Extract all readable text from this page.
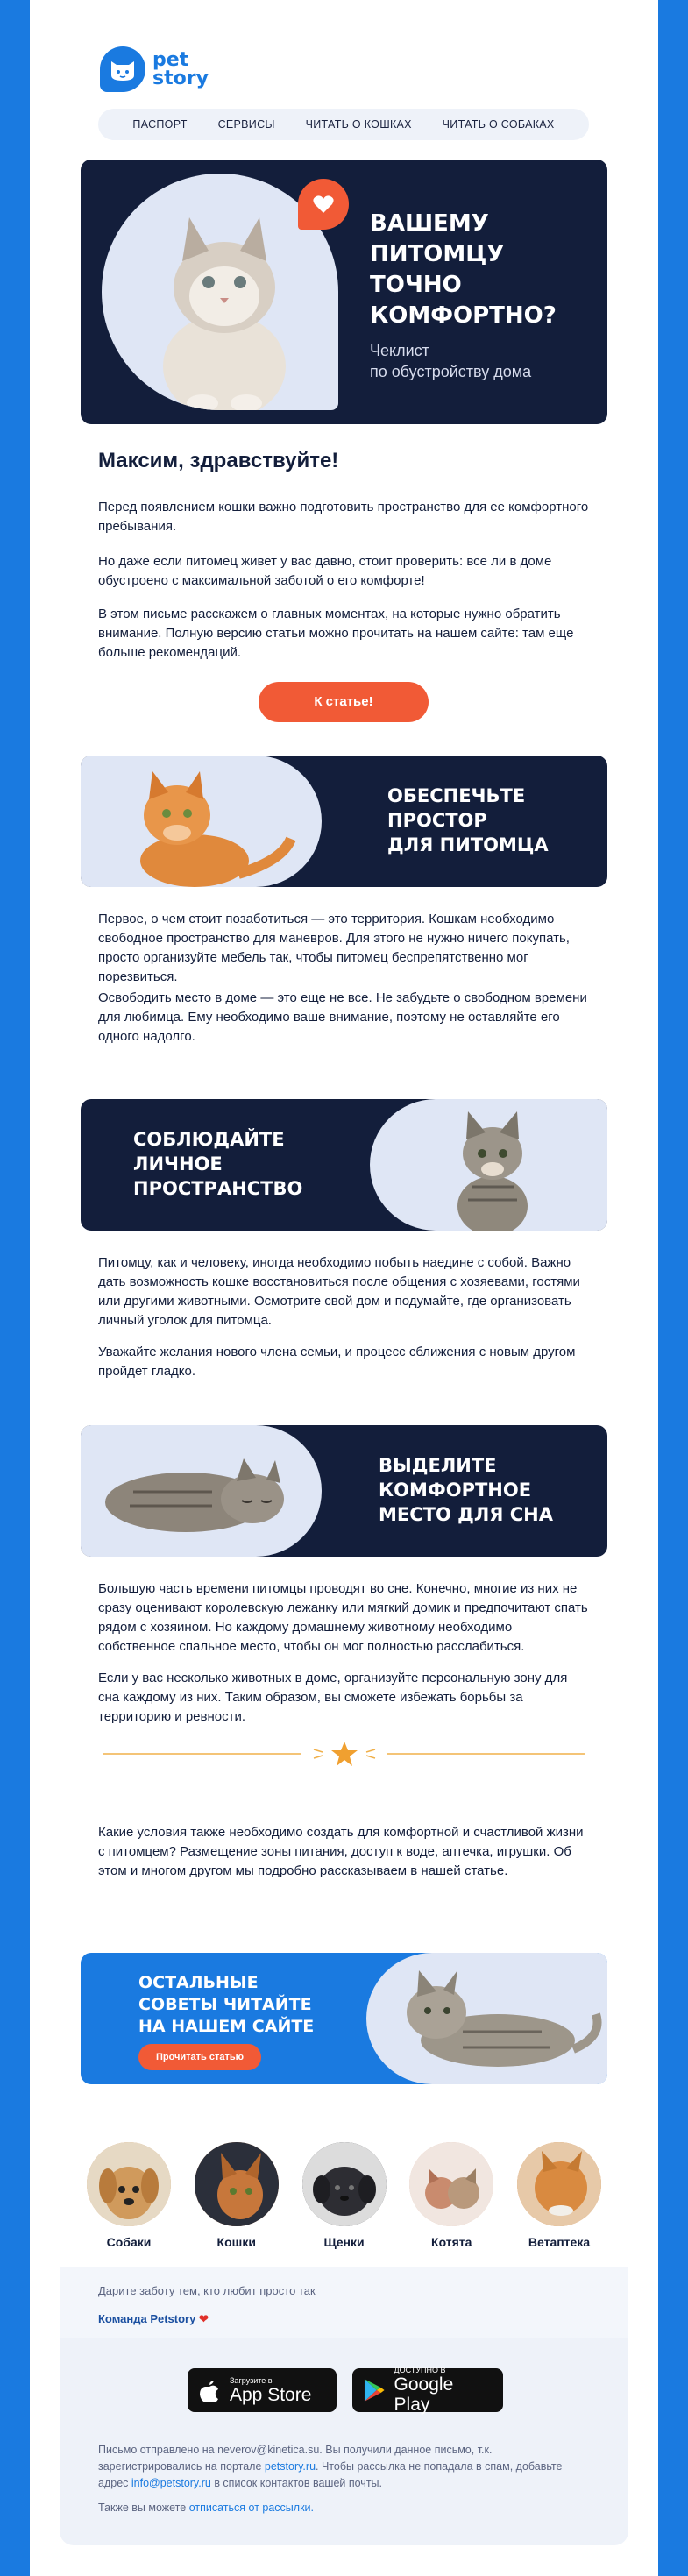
pet
story
ПАСПОРТ	СЕРВИСЫ	ЧИТАТЬ О КОШКАХ	ЧИТАТЬ О СОБАКАХ
ВАШЕМУ ПИТОМЦУ ТОЧНО КОМФОРТНО?
Чеклист
по обустройству дома
Максим, здравствуйте!
Перед появлением кошки важно подготовить пространство для ее комфортного пребывания.
Но даже если питомец живет у вас давно, стоит проверить: все ли в доме обустроено с максимальной заботой о его комфорте!
В этом письме расскажем о главных моментах, на которые нужно обратить внимание. Полную версию статьи можно прочитать на нашем сайте: там еще больше рекомендаций.
К статье!
ОБЕСПЕЧЬТЕ
ПРОСТОР
ДЛЯ ПИТОМЦА
Первое, о чем стоит позаботиться — это территория. Кошкам необходимо свободное пространство для маневров. Для этого не нужно ничего покупать, просто организуйте мебель так, чтобы питомец беспрепятственно мог порезвиться.
Освободить место в доме — это еще не все. Не забудьте о свободном времени для любимца. Ему необходимо ваше внимание, поэтому не оставляйте его одного надолго.
СОБЛЮДАЙТЕ
ЛИЧНОЕ
ПРОСТРАНСТВО
Питомцу, как и человеку, иногда необходимо побыть наедине с собой. Важно дать возможность кошке восстановиться после общения с хозяевами, гостями или другими животными. Осмотрите свой дом и подумайте, где организовать личный уголок для питомца.
Уважайте желания нового члена семьи, и процесс сближения с новым другом пройдет гладко.
ВЫДЕЛИТЕ
КОМФОРТНОЕ
МЕСТО ДЛЯ СНА
Большую часть времени питомцы проводят во сне. Конечно, многие из них не сразу оценивают королевскую лежанку или мягкий домик и предпочитают спать рядом с хозяином. Но каждому домашнему животному необходимо собственное спальное место, чтобы он мог полностью расслабиться.
Если у вас несколько животных в доме, организуйте персональную зону для сна каждому из них. Таким образом, вы сможете избежать борьбы за территорию и ревности.
Какие условия также необходимо создать для комфортной и счастливой жизни с питомцем? Размещение зоны питания, доступ к воде, аптечка, игрушки. Об этом и многом другом мы подробно рассказываем в нашей статье.
ОСТАЛЬНЫЕ
СОВЕТЫ ЧИТАЙТЕ
НА НАШЕМ САЙТЕ
Прочитать статью
Собаки	Кошки	Щенки	Котята	Ветаптека
Дарите заботу тем, кто любит просто так
Команда Petstory ❤
Загрузите в
App Store
ДОСТУПНО В
Google Play
Письмо отправлено на neverov@kinetica.su. Вы получили данное письмо, т.к. зарегистрировались на портале petstory.ru. Чтобы рассылка не попадала в спам, добавьте адрес info@petstory.ru в список контактов вашей почты.
Также вы можете отписаться от рассылки.
